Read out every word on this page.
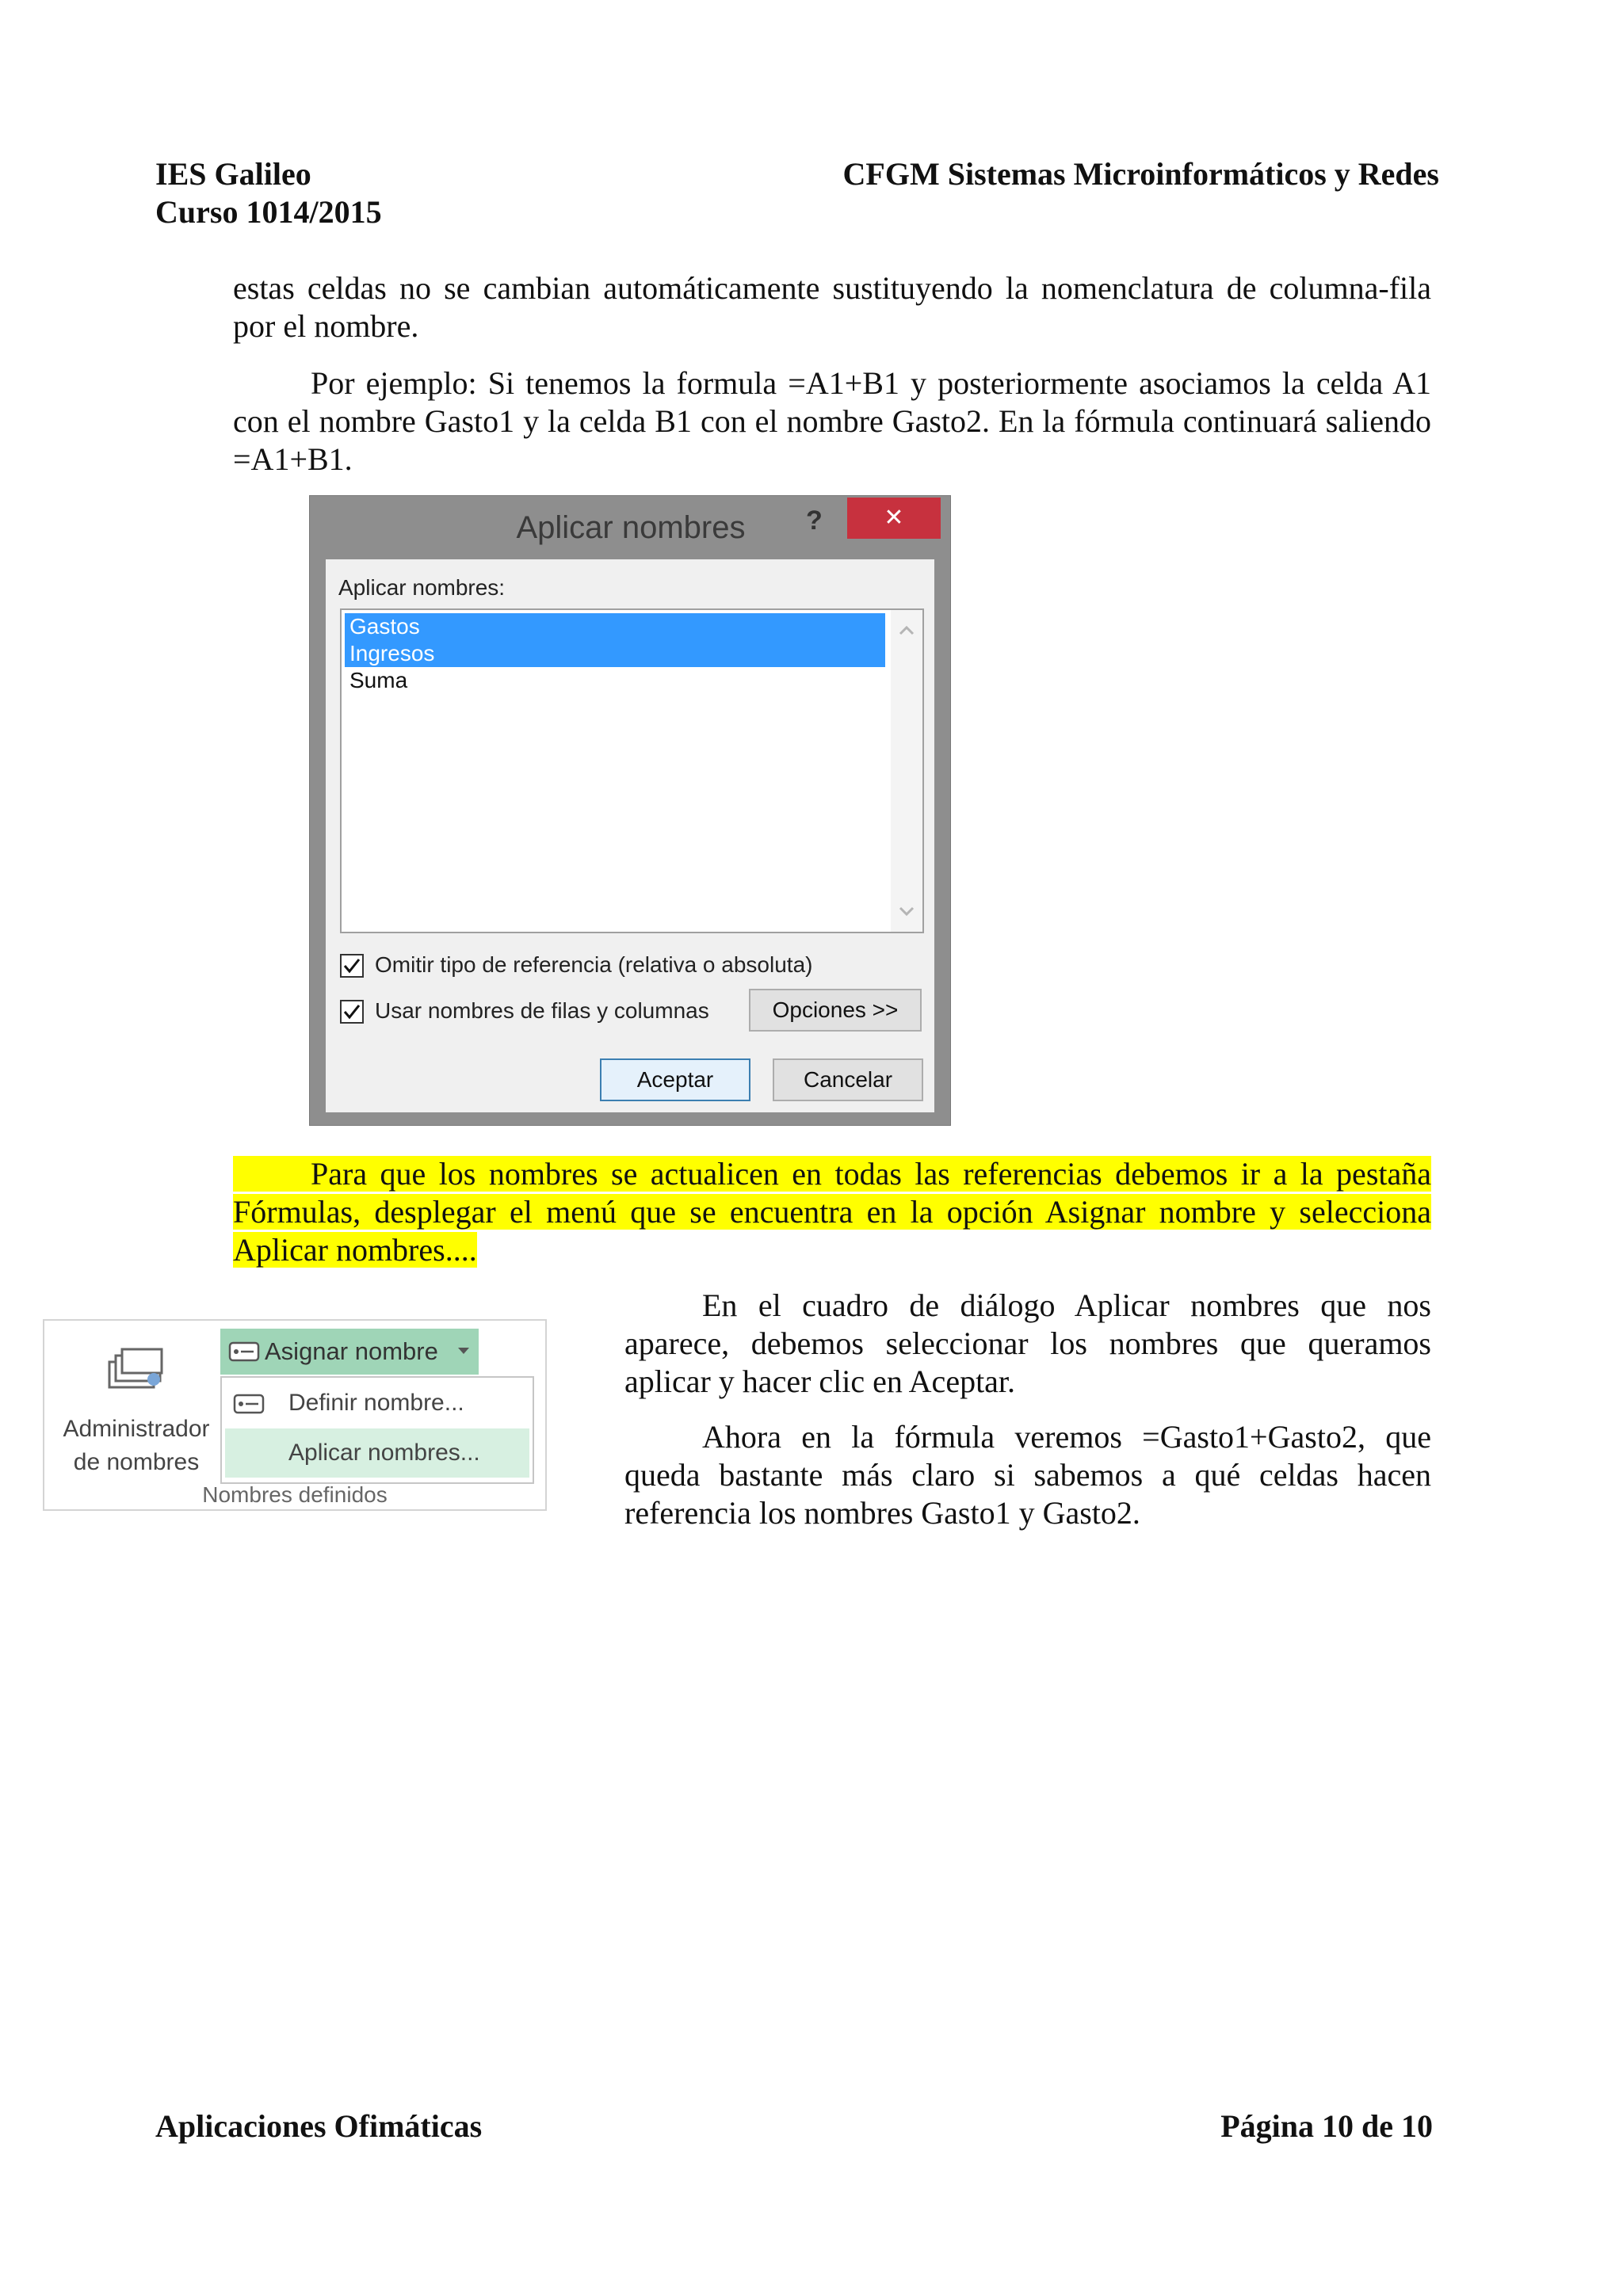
IES Galileo
Curso 1014/2015
CFGM Sistemas Microinformáticos y Redes
estas celdas no se cambian automáticamente sustituyendo la nomenclatura de columna-fila por el nombre.
Por ejemplo: Si tenemos la formula =A1+B1 y posteriormente asociamos la celda A1 con el nombre Gasto1 y la celda B1 con el nombre Gasto2. En la fórmula continuará saliendo =A1+B1.
Aplicar nombres	?	✕
Aplicar nombres:
Gastos
Ingresos
Suma
Omitir tipo de referencia (relativa o absoluta)
Usar nombres de filas y columnas	Opciones >>
Aceptar	Cancelar
Para que los nombres se actualicen en todas las referencias debemos ir a la pestaña Fórmulas, desplegar el menú que se encuentra en la opción Asignar nombre y selecciona Aplicar nombres....
Administrador
de nombres
Asignar nombre
Definir nombre...
Aplicar nombres...
Nombres definidos
En el cuadro de diálogo Aplicar nombres que nos aparece, debemos seleccionar los nombres que queramos aplicar y hacer clic en Aceptar.
Ahora en la fórmula veremos =Gasto1+Gasto2, que queda bastante más claro si sabemos a qué celdas hacen referencia los nombres Gasto1 y Gasto2.
Aplicaciones Ofimáticas	Página 10 de 10
